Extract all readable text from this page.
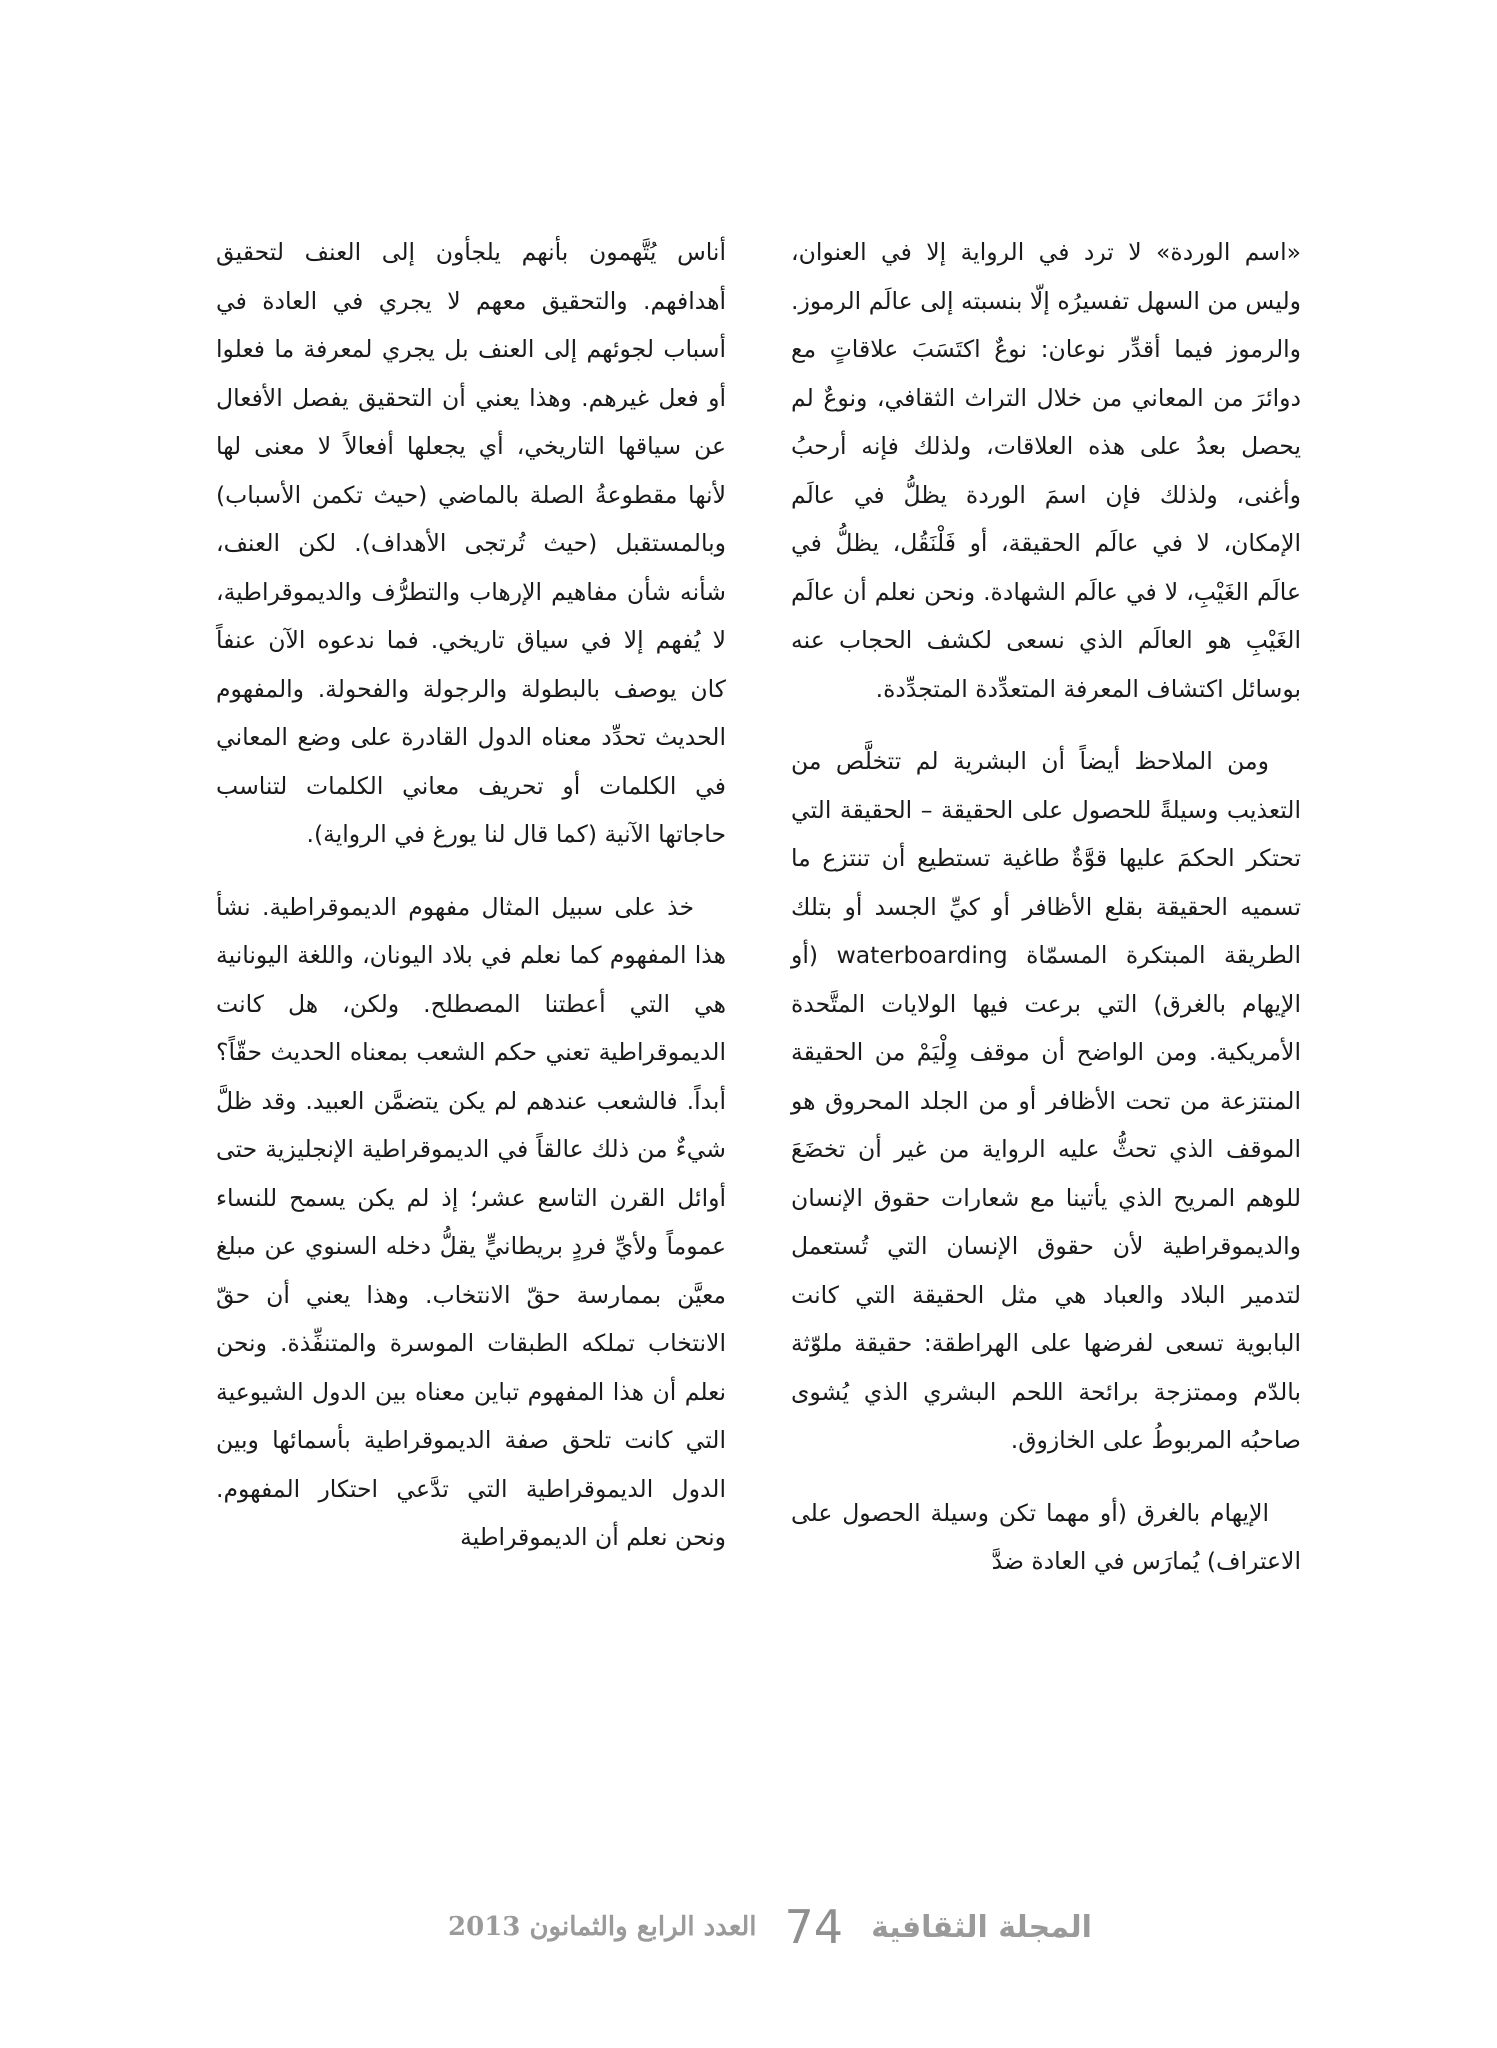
«اسم الوردة» لا ترد في الرواية إلا في العنوان، وليس من السهل تفسيرُه إلّا بنسبته إلى عالَم الرموز. والرموز فيما أقدِّر نوعان: نوعٌ اكتَسَبَ علاقاتٍ مع دوائرَ من المعاني من خلال التراث الثقافي، ونوعٌ لم يحصل بعدُ على هذه العلاقات، ولذلك فإنه أرحبُ وأغنى، ولذلك فإن اسمَ الوردة يظلُّ في عالَم الإمكان، لا في عالَم الحقيقة، أو فَلْنَقُل، يظلُّ في عالَم الغَيْبِ، لا في عالَم الشهادة. ونحن نعلم أن عالَم الغَيْبِ هو العالَم الذي نسعى لكشف الحجاب عنه بوسائل اكتشاف المعرفة المتعدِّدة المتجدِّدة.

ومن الملاحظ أيضاً أن البشرية لم تتخلَّص من التعذيب وسيلةً للحصول على الحقيقة – الحقيقة التي تحتكر الحكمَ عليها قوَّةٌ طاغية تستطيع أن تنتزع ما تسميه الحقيقة بقلع الأظافر أو كيِّ الجسد أو بتلك الطريقة المبتكرة المسمّاة waterboarding (أو الإيهام بالغرق) التي برعت فيها الولايات المتَّحدة الأمريكية. ومن الواضح أن موقف وِلْيَمْ من الحقيقة المنتزعة من تحت الأظافر أو من الجلد المحروق هو الموقف الذي تحثُّ عليه الرواية من غير أن تخضَعَ للوهم المريح الذي يأتينا مع شعارات حقوق الإنسان والديموقراطية لأن حقوق الإنسان التي تُستعمل لتدمير البلاد والعباد هي مثل الحقيقة التي كانت البابوية تسعى لفرضها على الهراطقة: حقيقة ملوّثة بالدّم وممتزجة برائحة اللحم البشري الذي يُشوى صاحبُه المربوطُ على الخازوق.

الإيهام بالغرق (أو مهما تكن وسيلة الحصول على الاعتراف) يُمارَس في العادة ضدَّ

أناس يُتَّهمون بأنهم يلجأون إلى العنف لتحقيق أهدافهم. والتحقيق معهم لا يجري في العادة في أسباب لجوئهم إلى العنف بل يجري لمعرفة ما فعلوا أو فعل غيرهم. وهذا يعني أن التحقيق يفصل الأفعال عن سياقها التاريخي، أي يجعلها أفعالاً لا معنى لها لأنها مقطوعةُ الصلة بالماضي (حيث تكمن الأسباب) وبالمستقبل (حيث تُرتجى الأهداف). لكن العنف، شأنه شأن مفاهيم الإرهاب والتطرُّف والديموقراطية، لا يُفهم إلا في سياق تاريخي. فما ندعوه الآن عنفاً كان يوصف بالبطولة والرجولة والفحولة. والمفهوم الحديث تحدِّد معناه الدول القادرة على وضع المعاني في الكلمات أو تحريف معاني الكلمات لتناسب حاجاتها الآنية (كما قال لنا يورغ في الرواية).

خذ على سبيل المثال مفهوم الديموقراطية. نشأ هذا المفهوم كما نعلم في بلاد اليونان، واللغة اليونانية هي التي أعطتنا المصطلح. ولكن، هل كانت الديموقراطية تعني حكم الشعب بمعناه الحديث حقّاً؟ أبداً. فالشعب عندهم لم يكن يتضمَّن العبيد. وقد ظلَّ شيءٌ من ذلك عالقاً في الديموقراطية الإنجليزية حتى أوائل القرن التاسع عشر؛ إذ لم يكن يسمح للنساء عموماً ولأيِّ فردٍ بريطانيٍّ يقلُّ دخله السنوي عن مبلغ معيَّن بممارسة حقّ الانتخاب. وهذا يعني أن حقّ الانتخاب تملكه الطبقات الموسرة والمتنفِّذة. ونحن نعلم أن هذا المفهوم تباين معناه بين الدول الشيوعية التي كانت تلحق صفة الديموقراطية بأسمائها وبين الدول الديموقراطية التي تدَّعي احتكار المفهوم. ونحن نعلم أن الديموقراطية

العدد الرابع والثمانون 2013 74 المجلة الثقافية
